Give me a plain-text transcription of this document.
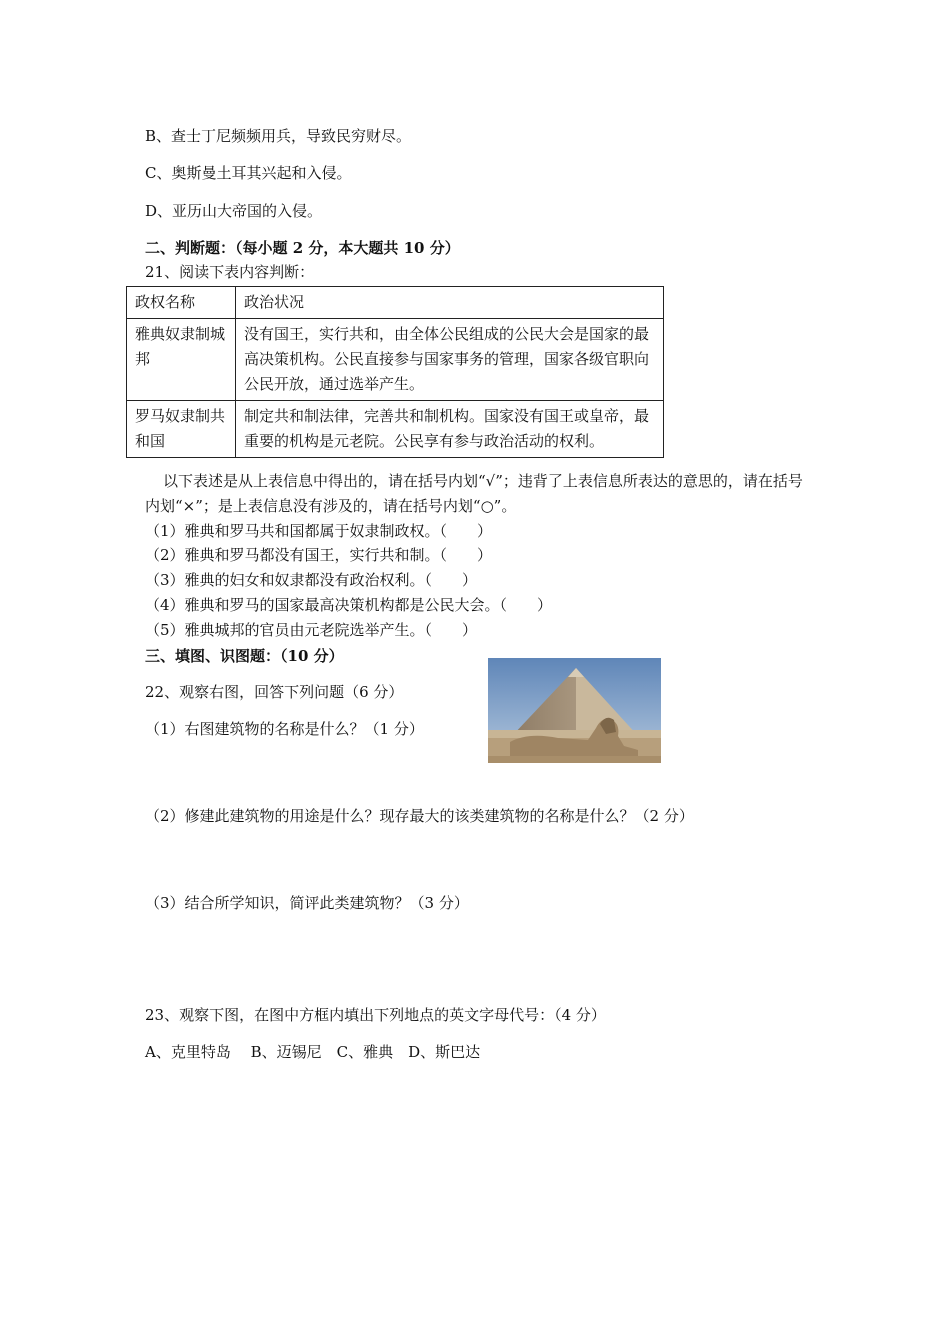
B、查士丁尼频频用兵，导致民穷财尽。
C、奥斯曼土耳其兴起和入侵。
D、亚历山大帝国的入侵。
二、判断题：（每小题 2 分，本大题共 10 分）
21、阅读下表内容判断：
政权名称	政治状况
雅典奴隶制城邦	没有国王，实行共和，由全体公民组成的公民大会是国家的最高决策机构。公民直接参与国家事务的管理，国家各级官职向公民开放，通过选举产生。
罗马奴隶制共和国	制定共和制法律，完善共和制机构。国家没有国王或皇帝，最重要的机构是元老院。公民享有参与政治活动的权利。
以下表述是从上表信息中得出的，请在括号内划“√”；违背了上表信息所表达的意思的，请在括号内划“×”；是上表信息没有涉及的，请在括号内划“○”。
（1）雅典和罗马共和国都属于奴隶制政权。（　　）
（2）雅典和罗马都没有国王，实行共和制。（　　）
（3）雅典的妇女和奴隶都没有政治权利。（　　）
（4）雅典和罗马的国家最高决策机构都是公民大会。（　　）
（5）雅典城邦的官员由元老院选举产生。（　　）
三、填图、识图题：（10 分）
22、观察右图，回答下列问题（6 分）
（1）右图建筑物的名称是什么？（1 分）
（2）修建此建筑物的用途是什么？现存最大的该类建筑物的名称是什么？（2 分）
（3）结合所学知识，简评此类建筑物？（3 分）
23、观察下图，在图中方框内填出下列地点的英文字母代号：（4 分）
A、克里特岛　 B、迈锡尼　C、雅典　D、斯巴达
